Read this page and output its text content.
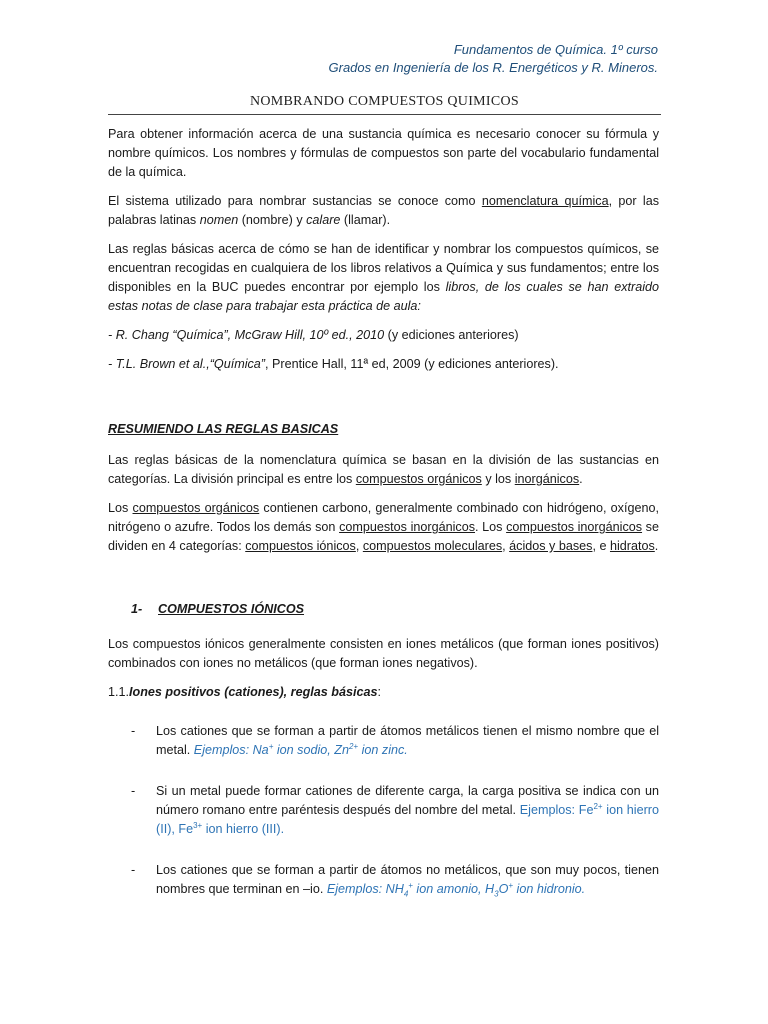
Fundamentos de Química. 1º curso
Grados en Ingeniería de los R. Energéticos y R. Mineros.
NOMBRANDO COMPUESTOS QUIMICOS

Para obtener información acerca de una sustancia química es necesario conocer su fórmula y nombre químicos. Los nombres y fórmulas de compuestos son parte del vocabulario fundamental de la química.

El sistema utilizado para nombrar sustancias se conoce como nomenclatura química, por las palabras latinas nomen (nombre) y calare (llamar).

Las reglas básicas acerca de cómo se han de identificar y nombrar los compuestos químicos, se encuentran recogidas en cualquiera de los libros relativos a Química y sus fundamentos; entre los disponibles en la BUC puedes encontrar por ejemplo los libros, de los cuales se han extraido estas notas de clase para trabajar esta práctica de aula:

- R. Chang “Química”, McGraw Hill, 10º ed., 2010 (y ediciones anteriores)

- T.L. Brown et al.,“Química”, Prentice Hall, 11ª ed, 2009 (y ediciones anteriores).

RESUMIENDO LAS REGLAS BASICAS

Las reglas básicas de la nomenclatura química se basan en la división de las sustancias en categorías. La división principal es entre los compuestos orgánicos y los inorgánicos.

Los compuestos orgánicos contienen carbono, generalmente combinado con hidrógeno, oxígeno, nitrógeno o azufre. Todos los demás son compuestos inorgánicos. Los compuestos inorgánicos se dividen en 4 categorías: compuestos iónicos, compuestos moleculares, ácidos y bases, e hidratos.

1- COMPUESTOS IÓNICOS

Los compuestos iónicos generalmente consisten en iones metálicos (que forman iones positivos) combinados con iones no metálicos (que forman iones negativos).

1.1.Iones positivos (cationes), reglas básicas:

-	Los cationes que se forman a partir de átomos metálicos tienen el mismo nombre que el metal. Ejemplos: Na+ ion sodio, $Zn^{2+}$ ion zinc.
-	Si un metal puede formar cationes de diferente carga, la carga positiva se indica con un número romano entre paréntesis después del nombre del metal. Ejemplos: $Fe^{2+}$ ion hierro (II), $Fe^{3+}$ ion hierro (III).
-	Los cationes que se forman a partir de átomos no metálicos, que son muy pocos, tienen nombres que terminan en –io. Ejemplos: $NH_4^+$ ion amonio, $H_3O^+$ ion hidronio.
